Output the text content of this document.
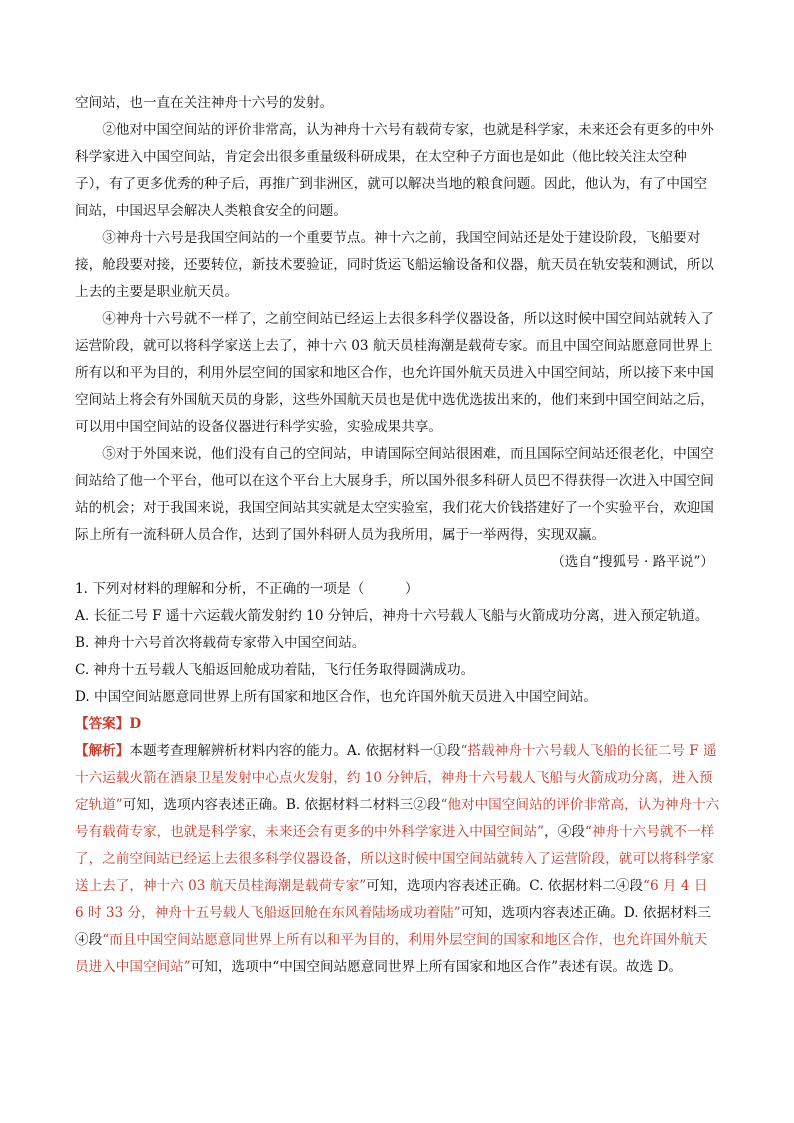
空间站，也一直在关注神舟十六号的发射。

②他对中国空间站的评价非常高，认为神舟十六号有载荷专家，也就是科学家，未来还会有更多的中外科学家进入中国空间站，肯定会出很多重量级科研成果，在太空种子方面也是如此（他比较关注太空种子），有了更多优秀的种子后，再推广到非洲区，就可以解决当地的粮食问题。因此，他认为，有了中国空间站，中国迟早会解决人类粮食安全的问题。

③神舟十六号是我国空间站的一个重要节点。神十六之前，我国空间站还是处于建设阶段，飞船要对接，舱段要对接，还要转位，新技术要验证，同时货运飞船运输设备和仪器，航天员在轨安装和测试，所以上去的主要是职业航天员。

④神舟十六号就不一样了，之前空间站已经运上去很多科学仪器设备，所以这时候中国空间站就转入了运营阶段，就可以将科学家送上去了，神十六 03 航天员桂海潮是载荷专家。而且中国空间站愿意同世界上所有以和平为目的，利用外层空间的国家和地区合作，也允许国外航天员进入中国空间站，所以接下来中国空间站上将会有外国航天员的身影，这些外国航天员也是优中选优选拔出来的，他们来到中国空间站之后，可以用中国空间站的设备仪器进行科学实验，实验成果共享。

⑤对于外国来说，他们没有自己的空间站，申请国际空间站很困难，而且国际空间站还很老化，中国空间站给了他一个平台，他可以在这个平台上大展身手，所以国外很多科研人员巴不得获得一次进入中国空间站的机会；对于我国来说，我国空间站其实就是太空实验室，我们花大价钱搭建好了一个实验平台，欢迎国际上所有一流科研人员合作，达到了国外科研人员为我所用，属于一举两得，实现双赢。

（选自“搜狐号 · 路平说”）

1. 下列对材料的理解和分析，不正确的一项是（　　　）

A. 长征二号 F 遥十六运载火箭发射约 10 分钟后，神舟十六号载人飞船与火箭成功分离，进入预定轨道。

B. 神舟十六号首次将载荷专家带入中国空间站。

C. 神舟十五号载人飞船返回舱成功着陆，飞行任务取得圆满成功。

D. 中国空间站愿意同世界上所有国家和地区合作，也允许国外航天员进入中国空间站。

【答案】D

【解析】本题考查理解辨析材料内容的能力。A. 依据材料一①段“搭载神舟十六号载人飞船的长征二号 F 遥十六运载火箭在酒泉卫星发射中心点火发射，约 10 分钟后，神舟十六号载人飞船与火箭成功分离，进入预定轨道”可知，选项内容表述正确。B. 依据材料二材料三②段“他对中国空间站的评价非常高，认为神舟十六号有载荷专家，也就是科学家，未来还会有更多的中外科学家进入中国空间站”，④段“神舟十六号就不一样了，之前空间站已经运上去很多科学仪器设备，所以这时候中国空间站就转入了运营阶段，就可以将科学家送上去了，神十六 03 航天员桂海潮是载荷专家”可知，选项内容表述正确。C. 依据材料二④段“6 月 4 日 6 时 33 分，神舟十五号载人飞船返回舱在东风着陆场成功着陆”可知，选项内容表述正确。D. 依据材料三④段“而且中国空间站愿意同世界上所有以和平为目的，利用外层空间的国家和地区合作，也允许国外航天员进入中国空间站”可知，选项中“中国空间站愿意同世界上所有国家和地区合作”表述有误。故选 D。
